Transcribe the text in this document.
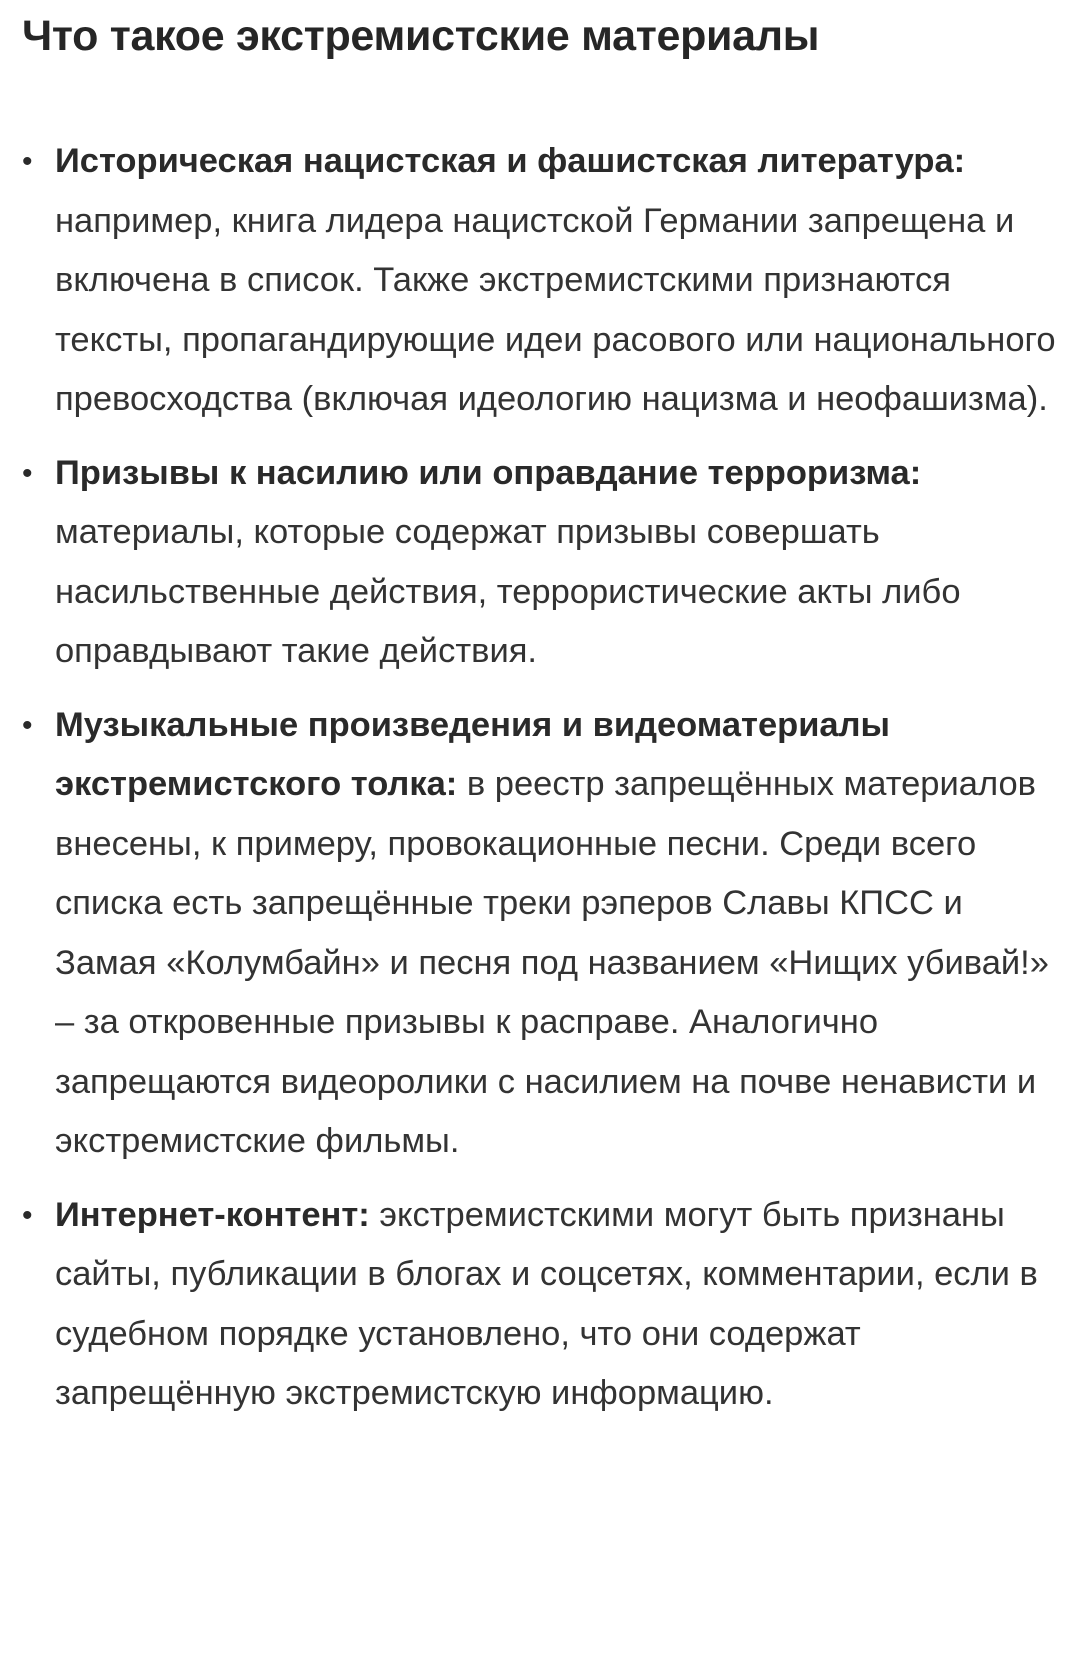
Что такое экстремистские материалы
• Историческая нацистская и фашистская литература: например, книга лидера нацистской Германии запрещена и включена в список. Также экстремистскими признаются тексты, пропагандирующие идеи расового или национального превосходства (включая идеологию нацизма и неофашизма).
• Призывы к насилию или оправдание терроризма: материалы, которые содержат призывы совершать насильственные действия, террористические акты либо оправдывают такие действия.
• Музыкальные произведения и видеоматериалы экстремистского толка: в реестр запрещённых материалов внесены, к примеру, провокационные песни. Среди всего списка есть запрещённые треки рэперов Славы КПСС и Замая «Колумбайн» и песня под названием «Нищих убивай!» – за откровенные призывы к расправе. Аналогично запрещаются видеоролики с насилием на почве ненависти и экстремистские фильмы.
• Интернет-контент: экстремистскими могут быть признаны сайты, публикации в блогах и соцсетях, комментарии, если в судебном порядке установлено, что они содержат запрещённую экстремистскую информацию.
